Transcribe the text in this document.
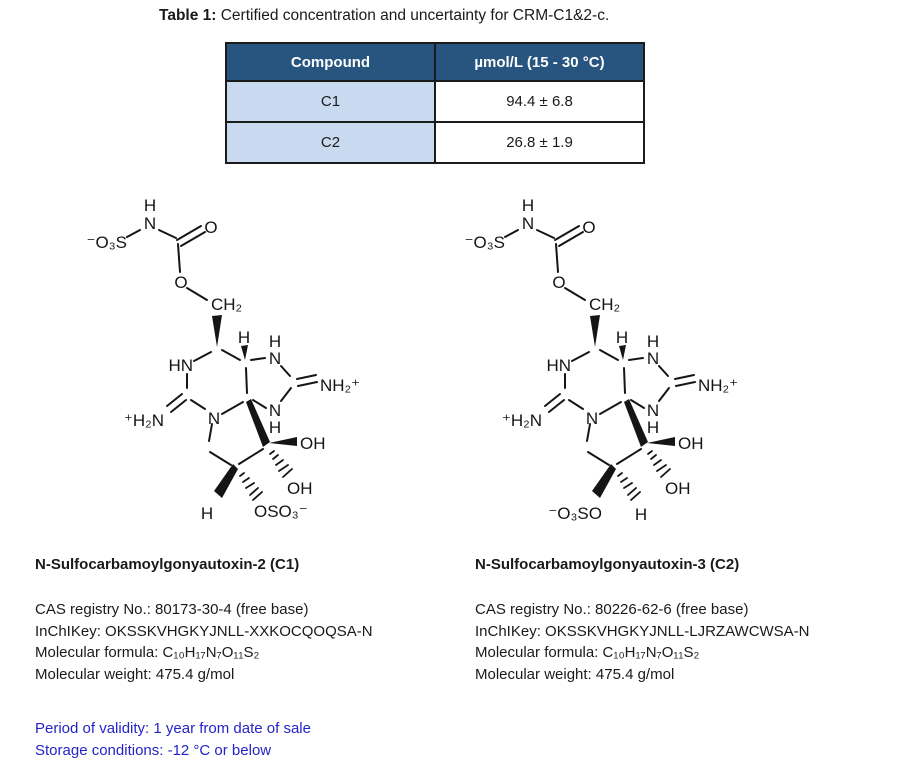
Table 1: Certified concentration and uncertainty for CRM-C1&2-c.
Compound	µmol/L (15 - 30 °C)
C1	94.4 ± 6.8
C2	26.8 ± 1.9
⁻O₃S
H
N	O
O
CH₂
H
HN
H
N
NH₂⁺
N
H
⁺H₂N	N
OH
OH
OSO₃⁻
H
⁻O₃S
H
N	O
O
CH₂
H
HN
H
N
NH₂⁺
N
H
⁺H₂N	N
OH
OH
⁻O₃SO H
N-Sulfocarbamoylgonyautoxin-2 (C1)	N-Sulfocarbamoylgonyautoxin-3 (C2)
CAS registry No.: 80173-30-4 (free base)
InChIKey: OKSSKVHGKYJNLL-XXKOCQOQSA-N
Molecular formula: C₁₀H₁₇N₇O₁₁S₂
Molecular weight: 475.4 g/mol
CAS registry No.: 80226-62-6 (free base)
InChIKey: OKSSKVHGKYJNLL-LJRZAWCWSA-N
Molecular formula: C₁₀H₁₇N₇O₁₁S₂
Molecular weight: 475.4 g/mol
Period of validity: 1 year from date of sale
Storage conditions: -12 °C or below
